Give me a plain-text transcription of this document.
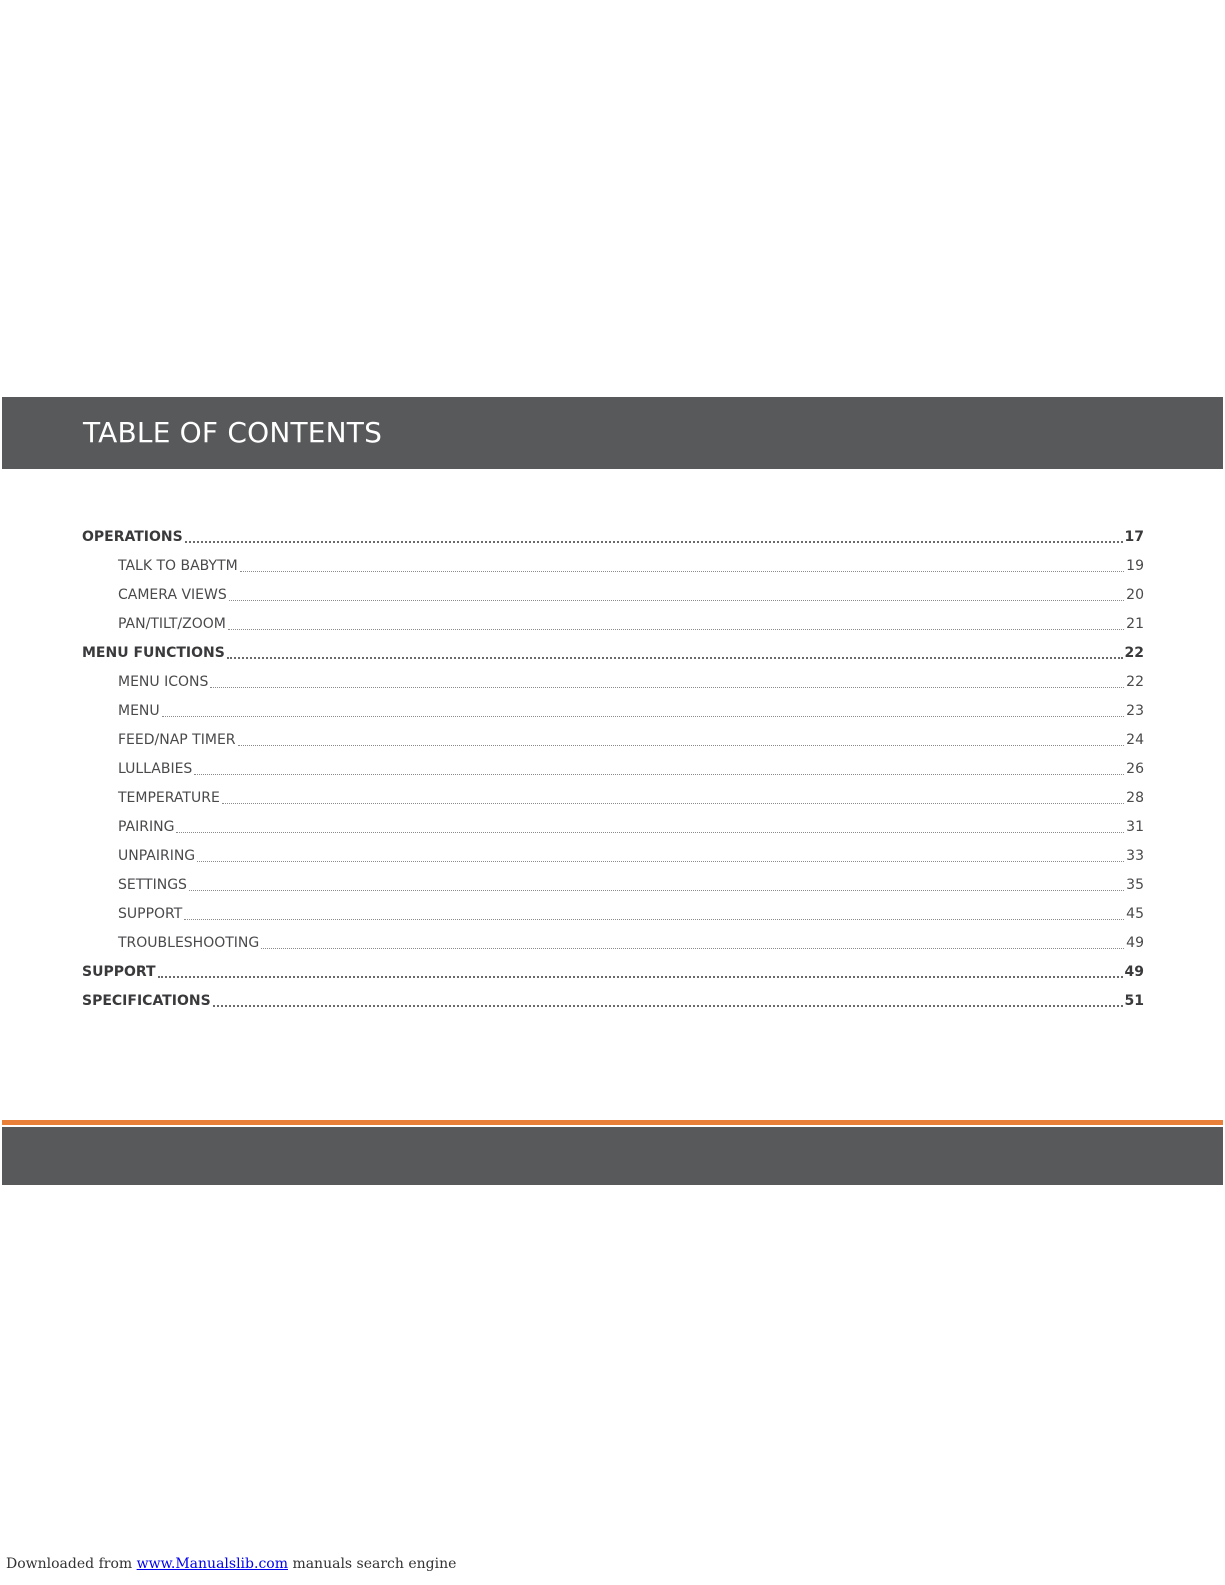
TABLE OF CONTENTS
OPERATIONS	17
TALK TO BABYTM	19
CAMERA VIEWS	20
PAN/TILT/ZOOM	21
MENU FUNCTIONS	22
MENU ICONS	22
MENU	23
FEED/NAP TIMER	24
LULLABIES	26
TEMPERATURE	28
PAIRING	31
UNPAIRING	33
SETTINGS	35
SUPPORT	45
TROUBLESHOOTING	49
SUPPORT	49
SPECIFICATIONS	51
Downloaded from www.Manualslib.com manuals search engine
